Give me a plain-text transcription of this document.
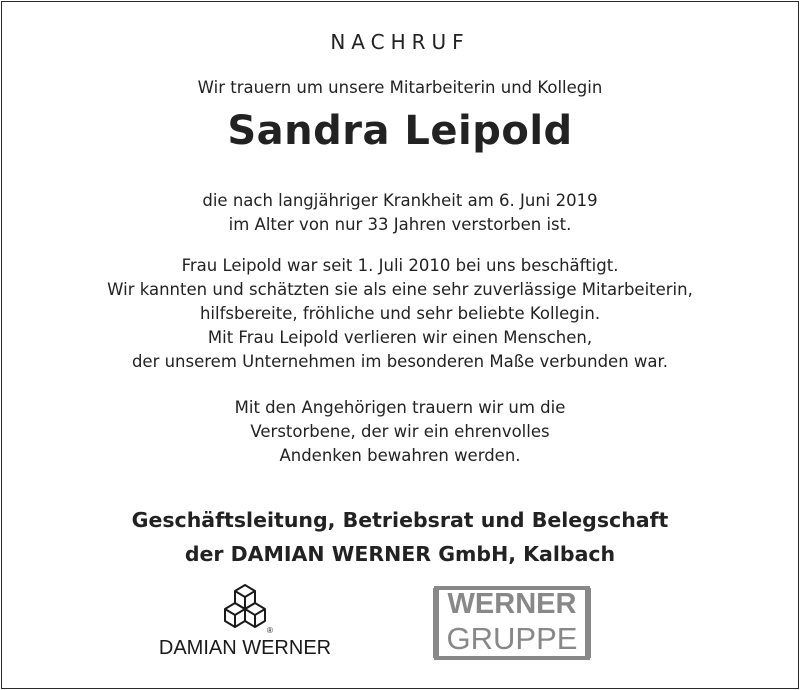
NACHRUF
Wir trauern um unsere Mitarbeiterin und Kollegin
Sandra Leipold
die nach langjähriger Krankheit am 6. Juni 2019
im Alter von nur 33 Jahren verstorben ist.
Frau Leipold war seit 1. Juli 2010 bei uns beschäftigt.
Wir kannten und schätzten sie als eine sehr zuverlässige Mitarbeiterin,
hilfsbereite, fröhliche und sehr beliebte Kollegin.
Mit Frau Leipold verlieren wir einen Menschen,
der unserem Unternehmen im besonderen Maße verbunden war.
Mit den Angehörigen trauern wir um die
Verstorbene, der wir ein ehrenvolles
Andenken bewahren werden.
Geschäftsleitung, Betriebsrat und Belegschaft
der DAMIAN WERNER GmbH, Kalbach
®
DAMIAN WERNER
WERNER
GRUPPE
